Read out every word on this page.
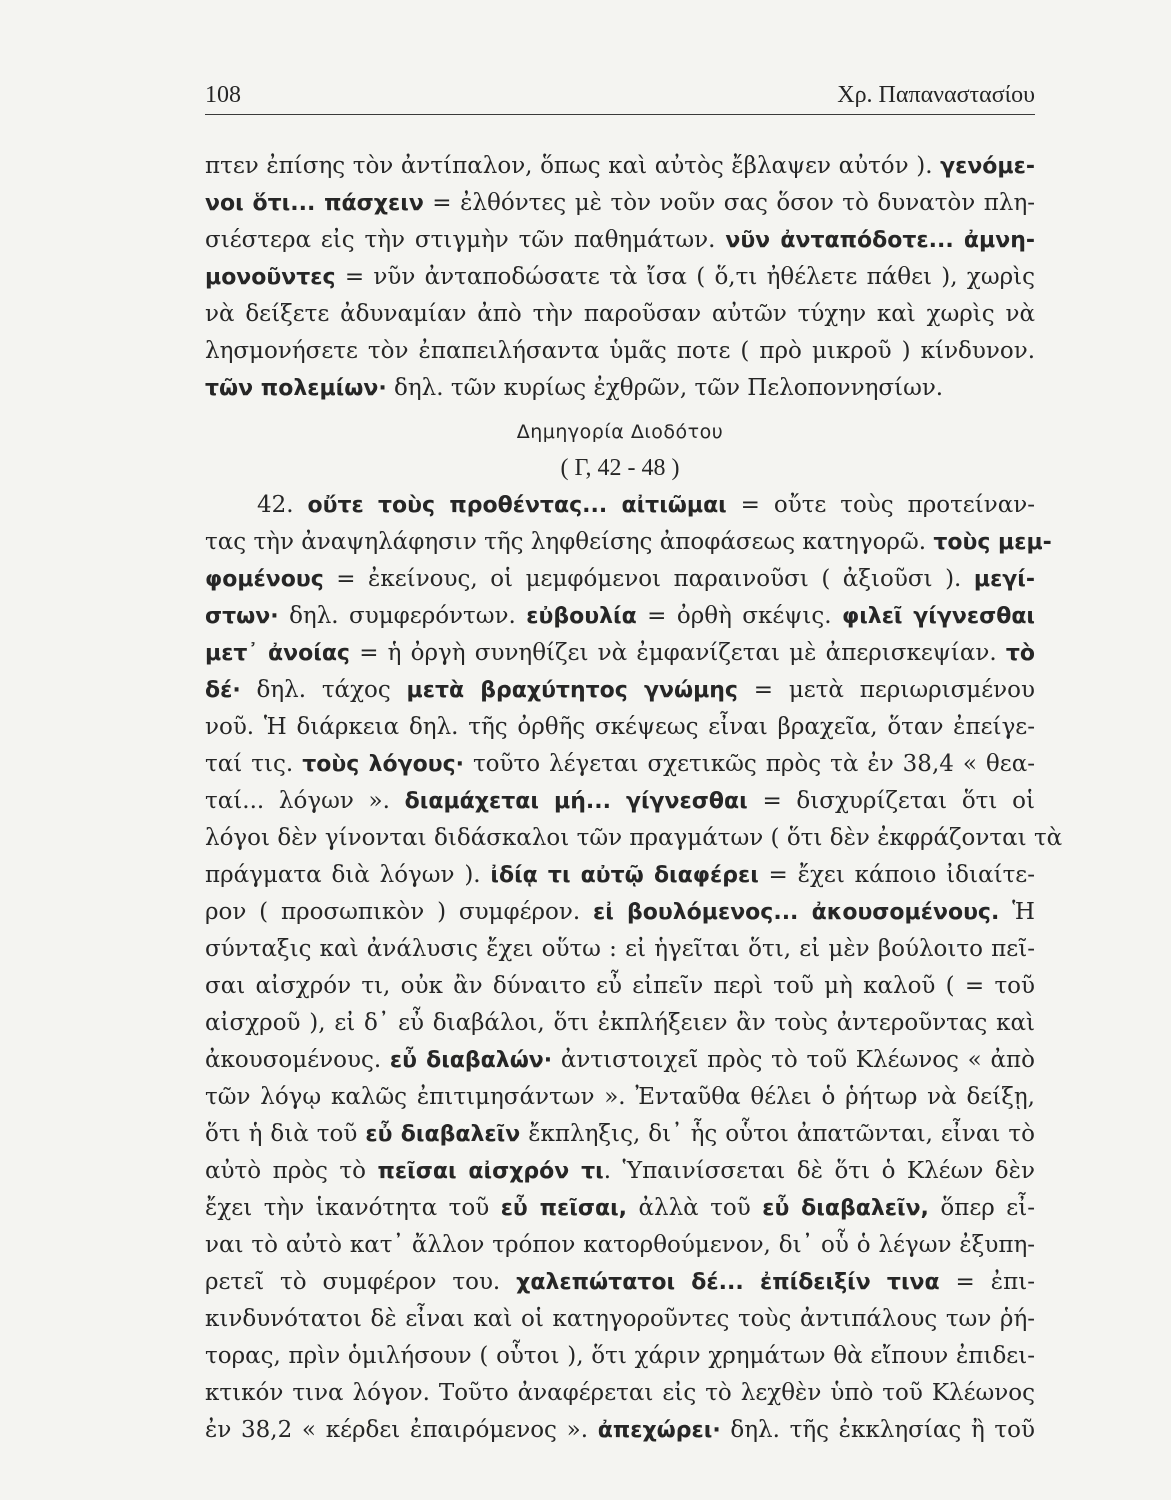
108	Χρ. Παπαναστασίου
πτεν ἐπίσης τὸν ἀντίπαλον, ὅπως καὶ αὐτὸς ἔβλαψεν αὐτόν ). γενόμε-
νοι ὅτι... πάσχειν = ἐλθόντες μὲ τὸν νοῦν σας ὅσον τὸ δυνατὸν πλη-
σιέστερα εἰς τὴν στιγμὴν τῶν παθημάτων. νῦν ἀνταπόδοτε... ἀμνη-
μονοῦντες = νῦν ἀνταποδώσατε τὰ ἴσα ( ὅ,τι ἠθέλετε πάθει ), χωρὶς
νὰ δείξετε ἀδυναμίαν ἀπὸ τὴν παροῦσαν αὐτῶν τύχην καὶ χωρὶς νὰ
λησμονήσετε τὸν ἐπαπειλήσαντα ὑμᾶς ποτε ( πρὸ μικροῦ ) κίνδυνον.
τῶν πολεμίων· δηλ. τῶν κυρίως ἐχθρῶν, τῶν Πελοποννησίων.
Δημηγορία Διοδότου
( Γ, 42 - 48 )
42. οὔτε τοὺς προθέντας... αἰτιῶμαι = οὔτε τοὺς προτείναν-
τας τὴν ἀναψηλάφησιν τῆς ληφθείσης ἀποφάσεως κατηγορῶ. τοὺς μεμ-
φομένους = ἐκείνους, οἱ μεμφόμενοι παραινοῦσι ( ἀξιοῦσι ). μεγί-
στων· δηλ. συμφερόντων. εὐβουλία = ὀρθὴ σκέψις. φιλεῖ γίγνεσθαι
μετ᾽ ἀνοίας = ἡ ὀργὴ συνηθίζει νὰ ἐμφανίζεται μὲ ἀπερισκεψίαν. τὸ
δέ· δηλ. τάχος μετὰ βραχύτητος γνώμης = μετὰ περιωρισμένου
νοῦ. Ἡ διάρκεια δηλ. τῆς ὀρθῆς σκέψεως εἶναι βραχεῖα, ὅταν ἐπείγε-
ταί τις. τοὺς λόγους· τοῦτο λέγεται σχετικῶς πρὸς τὰ ἐν 38,4 « θεα-
ταί... λόγων ». διαμάχεται μή... γίγνεσθαι = δισχυρίζεται ὅτι οἱ
λόγοι δὲν γίνονται διδάσκαλοι τῶν πραγμάτων ( ὅτι δὲν ἐκφράζονται τὰ
πράγματα διὰ λόγων ). ἰδίᾳ τι αὐτῷ διαφέρει = ἔχει κάποιο ἰδιαίτε-
ρον ( προσωπικὸν ) συμφέρον. εἰ βουλόμενος... ἀκουσομένους. Ἡ
σύνταξις καὶ ἀνάλυσις ἔχει οὕτω : εἰ ἡγεῖται ὅτι, εἰ μὲν βούλοιτο πεῖ-
σαι αἰσχρόν τι, οὐκ ἂν δύναιτο εὖ εἰπεῖν περὶ τοῦ μὴ καλοῦ ( = τοῦ
αἰσχροῦ ), εἰ δ᾽ εὖ διαβάλοι, ὅτι ἐκπλήξειεν ἂν τοὺς ἀντεροῦντας καὶ
ἀκουσομένους. εὖ διαβαλών· ἀντιστοιχεῖ πρὸς τὸ τοῦ Κλέωνος « ἀπὸ
τῶν λόγῳ καλῶς ἐπιτιμησάντων ». Ἐνταῦθα θέλει ὁ ῥήτωρ νὰ δείξῃ,
ὅτι ἡ διὰ τοῦ εὖ διαβαλεῖν ἔκπληξις, δι᾽ ἧς οὗτοι ἀπατῶνται, εἶναι τὸ
αὐτὸ πρὸς τὸ πεῖσαι αἰσχρόν τι. Ὑπαινίσσεται δὲ ὅτι ὁ Κλέων δὲν
ἔχει τὴν ἱκανότητα τοῦ εὖ πεῖσαι, ἀλλὰ τοῦ εὖ διαβαλεῖν, ὅπερ εἶ-
ναι τὸ αὐτὸ κατ᾽ ἄλλον τρόπον κατορθούμενον, δι᾽ οὗ ὁ λέγων ἐξυπη-
ρετεῖ τὸ συμφέρον του. χαλεπώτατοι δέ... ἐπίδειξίν τινα = ἐπι-
κινδυνότατοι δὲ εἶναι καὶ οἱ κατηγοροῦντες τοὺς ἀντιπάλους των ῥή-
τορας, πρὶν ὁμιλήσουν ( οὗτοι ), ὅτι χάριν χρημάτων θὰ εἴπουν ἐπιδει-
κτικόν τινα λόγον. Τοῦτο ἀναφέρεται εἰς τὸ λεχθὲν ὑπὸ τοῦ Κλέωνος
ἐν 38,2 « κέρδει ἐπαιρόμενος ». ἀπεχώρει· δηλ. τῆς ἐκκλησίας ἢ τοῦ
